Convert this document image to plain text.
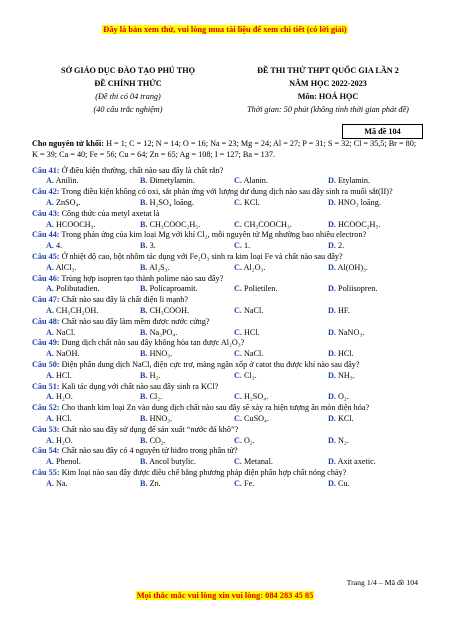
Đây là bản xem thử, vui lòng mua tài liệu để xem chi tiết (có lời giải)
SỞ GIÁO DỤC ĐÀO TẠO PHÚ THỌ
ĐỀ CHÍNH THỨC
(Đề thi có 04 trang)
(40 câu trắc nghiệm)
ĐỀ THI THỬ THPT QUỐC GIA LẦN 2
NĂM HỌC 2022-2023
Môn: HOÁ HỌC
Thời gian: 50 phút (không tính thời gian phát đề)
Mã đề 104
Cho nguyên tử khối: H = 1; C = 12; N = 14; O = 16; Na = 23; Mg = 24; Al = 27; P = 31; S = 32; Cl = 35,5; Br = 80; K = 39; Ca = 40; Fe = 56; Cu = 64; Zn = 65; Ag = 108; I = 127; Ba = 137.
Câu 41: Ở điều kiện thường, chất nào sau đây là chất rắn?
A. Anilin.	B. Đimetylamin.	C. Alanin.	D. Etylamin.
Câu 42: Trong điều kiện không có oxi, sắt phản ứng với lượng dư dung dịch nào sau đây sinh ra muối sắt(II)?
A. ZnSO₄.	B. H₂SO₄ loãng.	C. KCl.	D. HNO₃ loãng.
Câu 43: Công thức của metyl axetat là
A. HCOOCH₃.	B. CH₃COOC₂H₅.	C. CH₃COOCH₃.	D. HCOOC₂H₅.
Câu 44: Trong phản ứng của kim loại Mg với khí Cl₂, mỗi nguyên tử Mg nhường bao nhiêu electron?
A. 4.	B. 3.	C. 1.	D. 2.
Câu 45: Ở nhiệt độ cao, bột nhôm tác dụng với Fe₂O₃ sinh ra kim loại Fe và chất nào sau đây?
A. AlCl₃.	B. Al₂S₃.	C. Al₂O₃.	D. Al(OH)₃.
Câu 46: Trùng hợp isopren tạo thành polime nào sau đây?
A. Polibutadien.	B. Policaproamit.	C. Polietilen.	D. Poliisopren.
Câu 47: Chất nào sau đây là chất điện li mạnh?
A. CH₃CH₂OH.	B. CH₃COOH.	C. NaCl.	D. HF.
Câu 48: Chất nào sau đây làm mềm được nước cứng?
A. NaCl.	B. Na₃PO₄.	C. HCl.	D. NaNO₃.
Câu 49: Dung dịch chất nào sau đây không hòa tan được Al₂O₃?
A. NaOH.	B. HNO₃.	C. NaCl.	D. HCl.
Câu 50: Điện phân dung dịch NaCl, điện cực trơ, màng ngăn xốp ở catot thu được khí nào sau đây?
A. HCl.	B. H₂.	C. Cl₂.	D. NH₃.
Câu 51: Kali tác dụng với chất nào sau đây sinh ra KCl?
A. H₂O.	B. Cl₂.	C. H₂SO₄.	D. O₂.
Câu 52: Cho thanh kim loại Zn vào dung dịch chất nào sau đây sẽ xảy ra hiện tượng ăn mòn điện hóa?
A. HCl.	B. HNO₃.	C. CuSO₄.	D. KCl.
Câu 53: Chất nào sau đây sử dụng để sản xuất “nước đá khô”?
A. H₂O.	B. CO₂.	C. O₂.	D. N₂.
Câu 54: Chất nào sau đây có 4 nguyên tử hiđro trong phân tử?
A. Phenol.	B. Ancol butylic.	C. Metanal.	D. Axit axetic.
Câu 55: Kim loại nào sau đây được điều chế bằng phương pháp điện phân hợp chất nóng chảy?
A. Na.	B. Zn.	C. Fe.	D. Cu.
Trang 1/4 – Mã đề 104
Mọi thắc mắc vui lòng xin vui lòng: 084 283 45 85
